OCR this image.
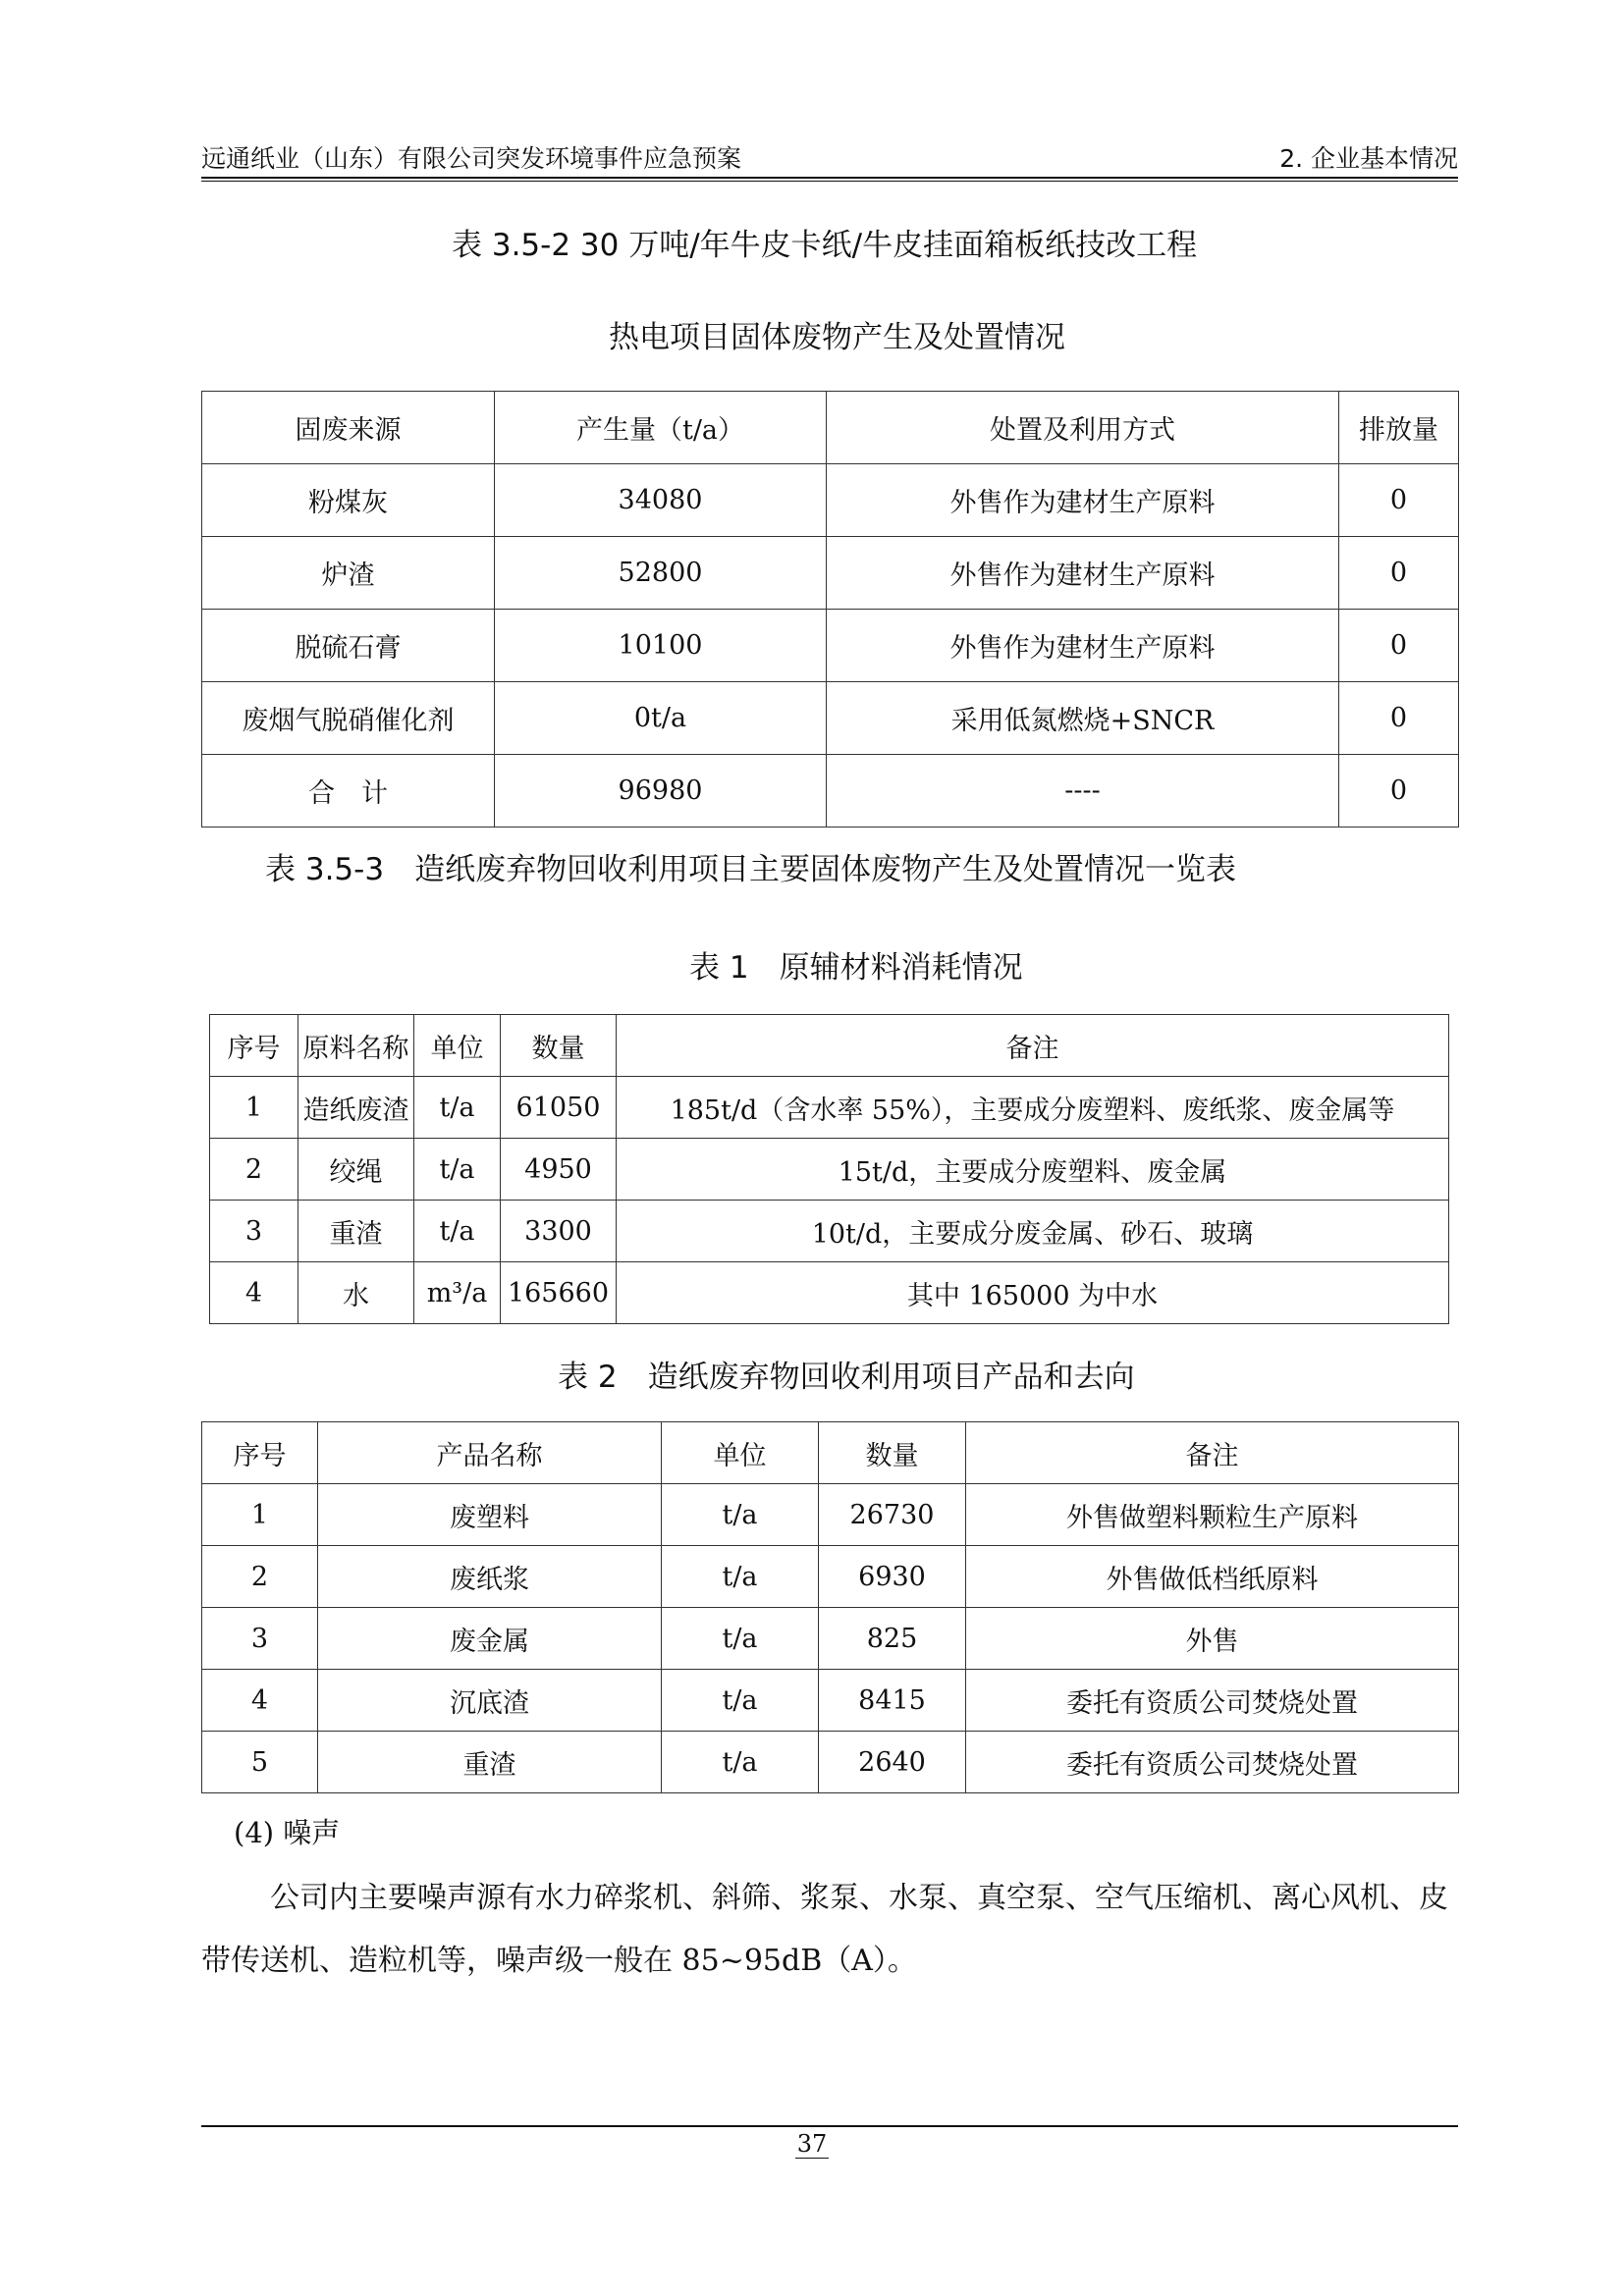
远通纸业（山东）有限公司突发环境事件应急预案	2. 企业基本情况
表 3.5-2 30 万吨/年牛皮卡纸/牛皮挂面箱板纸技改工程
热电项目固体废物产生及处置情况
固废来源	产生量（t/a）	处置及利用方式	排放量
粉煤灰	34080	外售作为建材生产原料	0
炉渣	52800	外售作为建材生产原料	0
脱硫石膏	10100	外售作为建材生产原料	0
废烟气脱硝催化剂	0t/a	采用低氮燃烧+SNCR	0
合　计	96980	----	0
表 3.5-3　造纸废弃物回收利用项目主要固体废物产生及处置情况一览表
表 1　原辅材料消耗情况
序号	原料名称	单位	数量	备注
1	造纸废渣	t/a	61050	185t/d（含水率 55%），主要成分废塑料、废纸浆、废金属等
2	绞绳	t/a	4950	15t/d，主要成分废塑料、废金属
3	重渣	t/a	3300	10t/d，主要成分废金属、砂石、玻璃
4	水	m³/a	165660	其中 165000 为中水
表 2　造纸废弃物回收利用项目产品和去向
序号	产品名称	单位	数量	备注
1	废塑料	t/a	26730	外售做塑料颗粒生产原料
2	废纸浆	t/a	6930	外售做低档纸原料
3	废金属	t/a	825	外售
4	沉底渣	t/a	8415	委托有资质公司焚烧处置
5	重渣	t/a	2640	委托有资质公司焚烧处置
(4) 噪声
公司内主要噪声源有水力碎浆机、斜筛、浆泵、水泵、真空泵、空气压缩机、离心风机、皮带传送机、造粒机等，噪声级一般在 85~95dB（A）。
37
